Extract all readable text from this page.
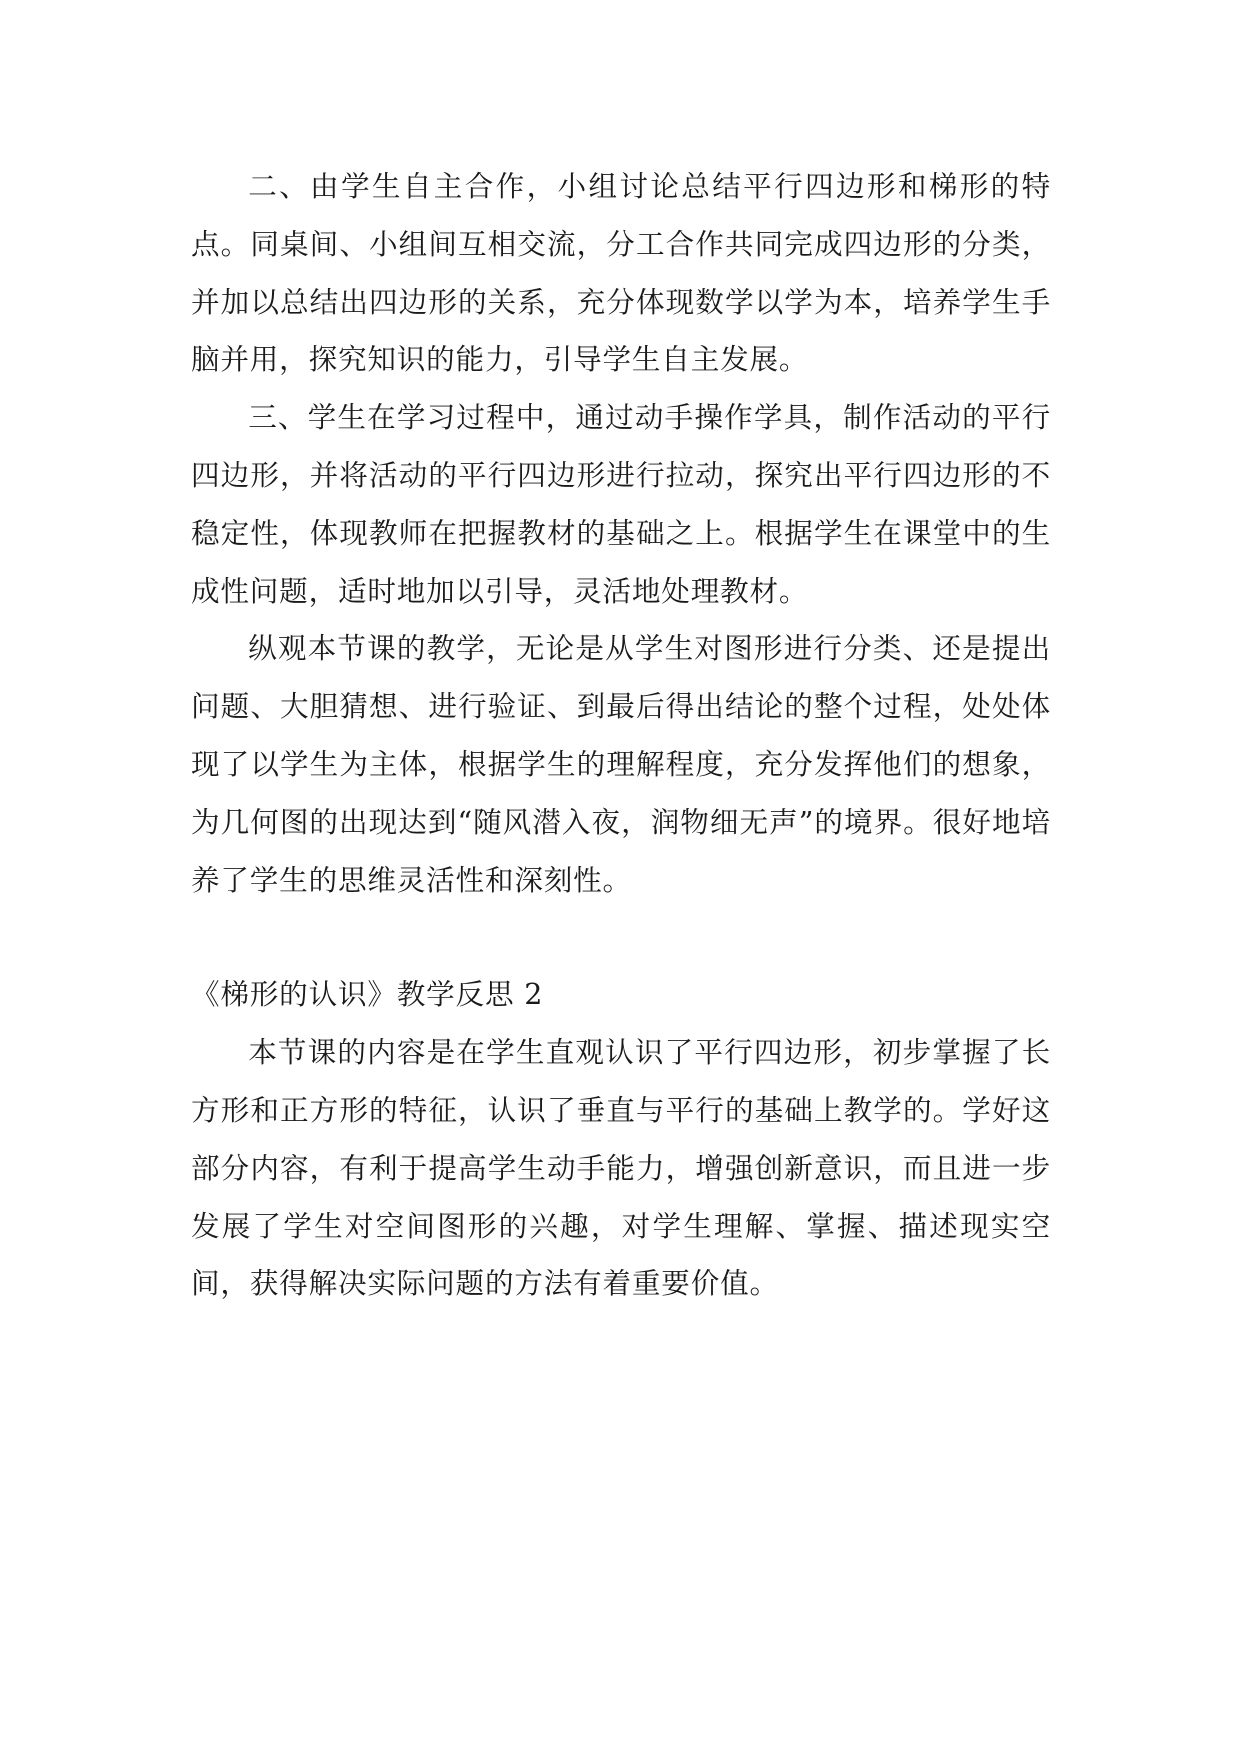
二、由学生自主合作，小组讨论总结平行四边形和梯形的特点。同桌间、小组间互相交流，分工合作共同完成四边形的分类，并加以总结出四边形的关系，充分体现数学以学为本，培养学生手脑并用，探究知识的能力，引导学生自主发展。

三、学生在学习过程中，通过动手操作学具，制作活动的平行四边形，并将活动的平行四边形进行拉动，探究出平行四边形的不稳定性，体现教师在把握教材的基础之上。根据学生在课堂中的生成性问题，适时地加以引导，灵活地处理教材。

纵观本节课的教学，无论是从学生对图形进行分类、还是提出问题、大胆猜想、进行验证、到最后得出结论的整个过程，处处体现了以学生为主体，根据学生的理解程度，充分发挥他们的想象，为几何图的出现达到“随风潜入夜，润物细无声”的境界。很好地培养了学生的思维灵活性和深刻性。

《梯形的认识》教学反思 2

本节课的内容是在学生直观认识了平行四边形，初步掌握了长方形和正方形的特征，认识了垂直与平行的基础上教学的。学好这部分内容，有利于提高学生动手能力，增强创新意识，而且进一步发展了学生对空间图形的兴趣，对学生理解、掌握、描述现实空间，获得解决实际问题的方法有着重要价值。
